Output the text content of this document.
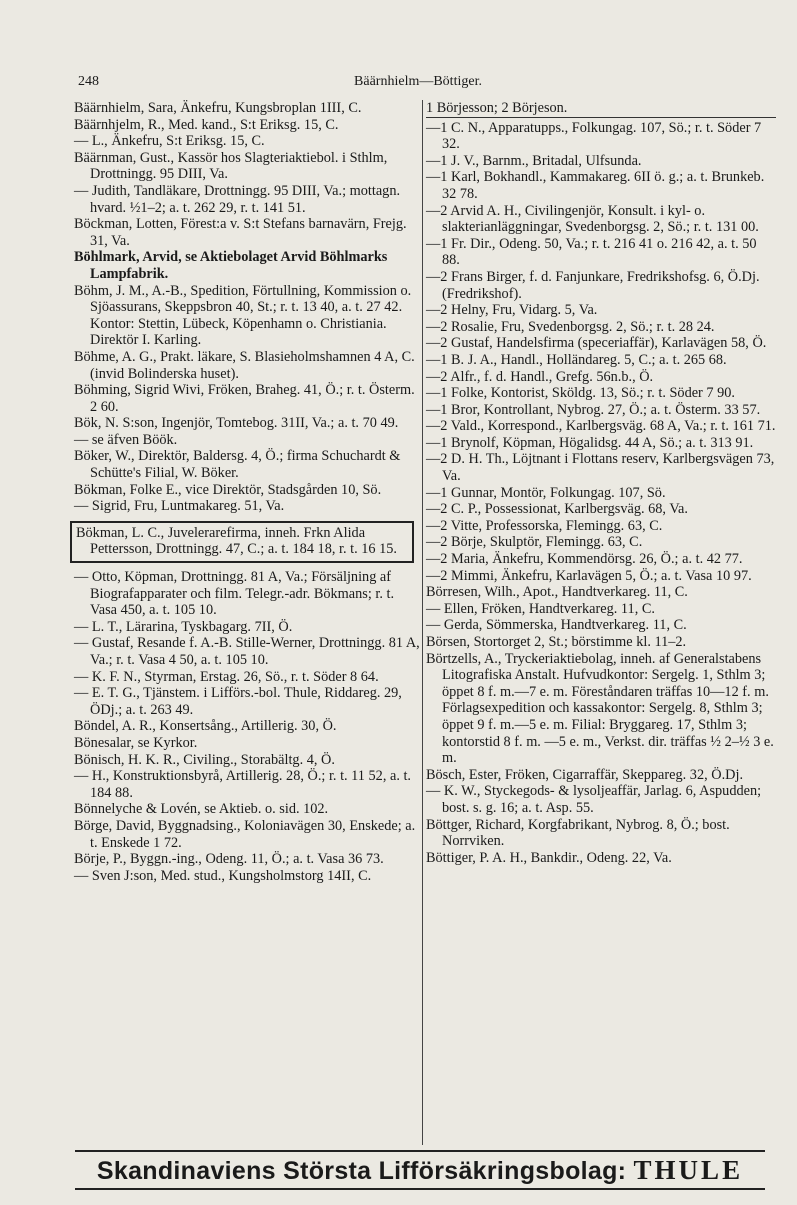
248	Bäärnhielm—Böttiger.

Bäärnhielm, Sara, Änkefru, Kungsbroplan 1III, C.

Bäärnhjelm, R., Med. kand., S:t Eriksg. 15, C.

— L., Änkefru, S:t Eriksg. 15, C.

Bäärnman, Gust., Kassör hos Slagteriaktiebol. i Sthlm, Drottningg. 95 DIII, Va.

— Judith, Tandläkare, Drottningg. 95 DIII, Va.; mottagn. hvard. ½1–2; a. t. 262 29, r. t. 141 51.

Böckman, Lotten, Förest:a v. S:t Stefans barnavärn, Frejg. 31, Va.

Böhlmark, Arvid, se Aktiebolaget Arvid Böhlmarks Lampfabrik.

Böhm, J. M., A.-B., Spedition, Förtullning, Kommission o. Sjöassurans, Skeppsbron 40, St.; r. t. 13 40, a. t. 27 42. Kontor: Stettin, Lübeck, Köpenhamn o. Christiania. Direktör I. Karling.

Böhme, A. G., Prakt. läkare, S. Blasieholmshamnen 4 A, C. (invid Bolinderska huset).

Böhming, Sigrid Wivi, Fröken, Braheg. 41, Ö.; r. t. Österm. 2 60.

Bök, N. S:son, Ingenjör, Tomtebog. 31II, Va.; a. t. 70 49.

— se äfven Böök.

Böker, W., Direktör, Baldersg. 4, Ö.; firma Schuchardt & Schütte's Filial, W. Böker.

Bökman, Folke E., vice Direktör, Stadsgården 10, Sö.

— Sigrid, Fru, Luntmakareg. 51, Va.

Bökman, L. C., Juvelerarefirma, inneh. Frkn Alida Pettersson, Drottningg. 47, C.; a. t. 184 18, r. t. 16 15.

— Otto, Köpman, Drottningg. 81 A, Va.; Försäljning af Biografapparater och film. Telegr.-adr. Bökmans; r. t. Vasa 450, a. t. 105 10.

— L. T., Lärarina, Tyskbagarg. 7II, Ö.

— Gustaf, Resande f. A.-B. Stille-Werner, Drottningg. 81 A, Va.; r. t. Vasa 4 50, a. t. 105 10.

— K. F. N., Styrman, Erstag. 26, Sö., r. t. Söder 8 64.

— E. T. G., Tjänstem. i Lifförs.-bol. Thule, Riddareg. 29, ÖDj.; a. t. 263 49.

Böndel, A. R., Konsertsång., Artillerig. 30, Ö.

Bönesalar, se Kyrkor.

Bönisch, H. K. R., Civiling., Storabältg. 4, Ö.

— H., Konstruktionsbyrå, Artillerig. 28, Ö.; r. t. 11 52, a. t. 184 88.

Bönnelyche & Lovén, se Aktieb. o. sid. 102.

Börge, David, Byggnadsing., Koloniavägen 30, Enskede; a. t. Enskede 1 72.

Börje, P., Byggn.-ing., Odeng. 11, Ö.; a. t. Vasa 36 73.

— Sven J:son, Med. stud., Kungsholmstorg 14II, C.

1 Börjesson; 2 Börjeson.

—1 C. N., Apparatupps., Folkungag. 107, Sö.; r. t. Söder 7 32.

—1 J. V., Barnm., Britadal, Ulfsunda.

—1 Karl, Bokhandl., Kammakareg. 6II ö. g.; a. t. Brunkeb. 32 78.

—2 Arvid A. H., Civilingenjör, Konsult. i kyl- o. slakterianläggningar, Svedenborgsg. 2, Sö.; r. t. 131 00.

—1 Fr. Dir., Odeng. 50, Va.; r. t. 216 41 o. 216 42, a. t. 50 88.

—2 Frans Birger, f. d. Fanjunkare, Fredrikshofsg. 6, Ö.Dj. (Fredrikshof).

—2 Helny, Fru, Vidarg. 5, Va.

—2 Rosalie, Fru, Svedenborgsg. 2, Sö.; r. t. 28 24.

—2 Gustaf, Handelsfirma (speceriaffär), Karlavägen 58, Ö.

—1 B. J. A., Handl., Holländareg. 5, C.; a. t. 265 68.

—2 Alfr., f. d. Handl., Grefg. 56n.b., Ö.

—1 Folke, Kontorist, Sköldg. 13, Sö.; r. t. Söder 7 90.

—1 Bror, Kontrollant, Nybrog. 27, Ö.; a. t. Österm. 33 57.

—2 Vald., Korrespond., Karlbergsväg. 68 A, Va.; r. t. 161 71.

—1 Brynolf, Köpman, Högalidsg. 44 A, Sö.; a. t. 313 91.

—2 D. H. Th., Löjtnant i Flottans reserv, Karlbergsvägen 73, Va.

—1 Gunnar, Montör, Folkungag. 107, Sö.

—2 C. P., Possessionat, Karlbergsväg. 68, Va.

—2 Vitte, Professorska, Flemingg. 63, C.

—2 Börje, Skulptör, Flemingg. 63, C.

—2 Maria, Änkefru, Kommendörsg. 26, Ö.; a. t. 42 77.

—2 Mimmi, Änkefru, Karlavägen 5, Ö.; a. t. Vasa 10 97.

Börresen, Wilh., Apot., Handtverkareg. 11, C.

— Ellen, Fröken, Handtverkareg. 11, C.

— Gerda, Sömmerska, Handtverkareg. 11, C.

Börsen, Stortorget 2, St.; börstimme kl. 11–2.

Börtzells, A., Tryckeriaktiebolag, inneh. af Generalstabens Litografiska Anstalt. Hufvudkontor: Sergelg. 1, Sthlm 3; öppet 8 f. m.—7 e. m. Föreståndaren träffas 10—12 f. m. Förlagsexpedition och kassakontor: Sergelg. 8, Sthlm 3; öppet 9 f. m.—5 e. m. Filial: Bryggareg. 17, Sthlm 3; kontorstid 8 f. m. —5 e. m., Verkst. dir. träffas ½ 2–½ 3 e. m.

Bösch, Ester, Fröken, Cigarraffär, Skeppareg. 32, Ö.Dj.

— K. W., Styckegods- & lysoljeaffär, Jarlag. 6, Aspudden; bost. s. g. 16; a. t. Asp. 55.

Böttger, Richard, Korgfabrikant, Nybrog. 8, Ö.; bost. Norrviken.

Böttiger, P. A. H., Bankdir., Odeng. 22, Va.

Skandinaviens Största Lifförsäkringsbolag: THULE
